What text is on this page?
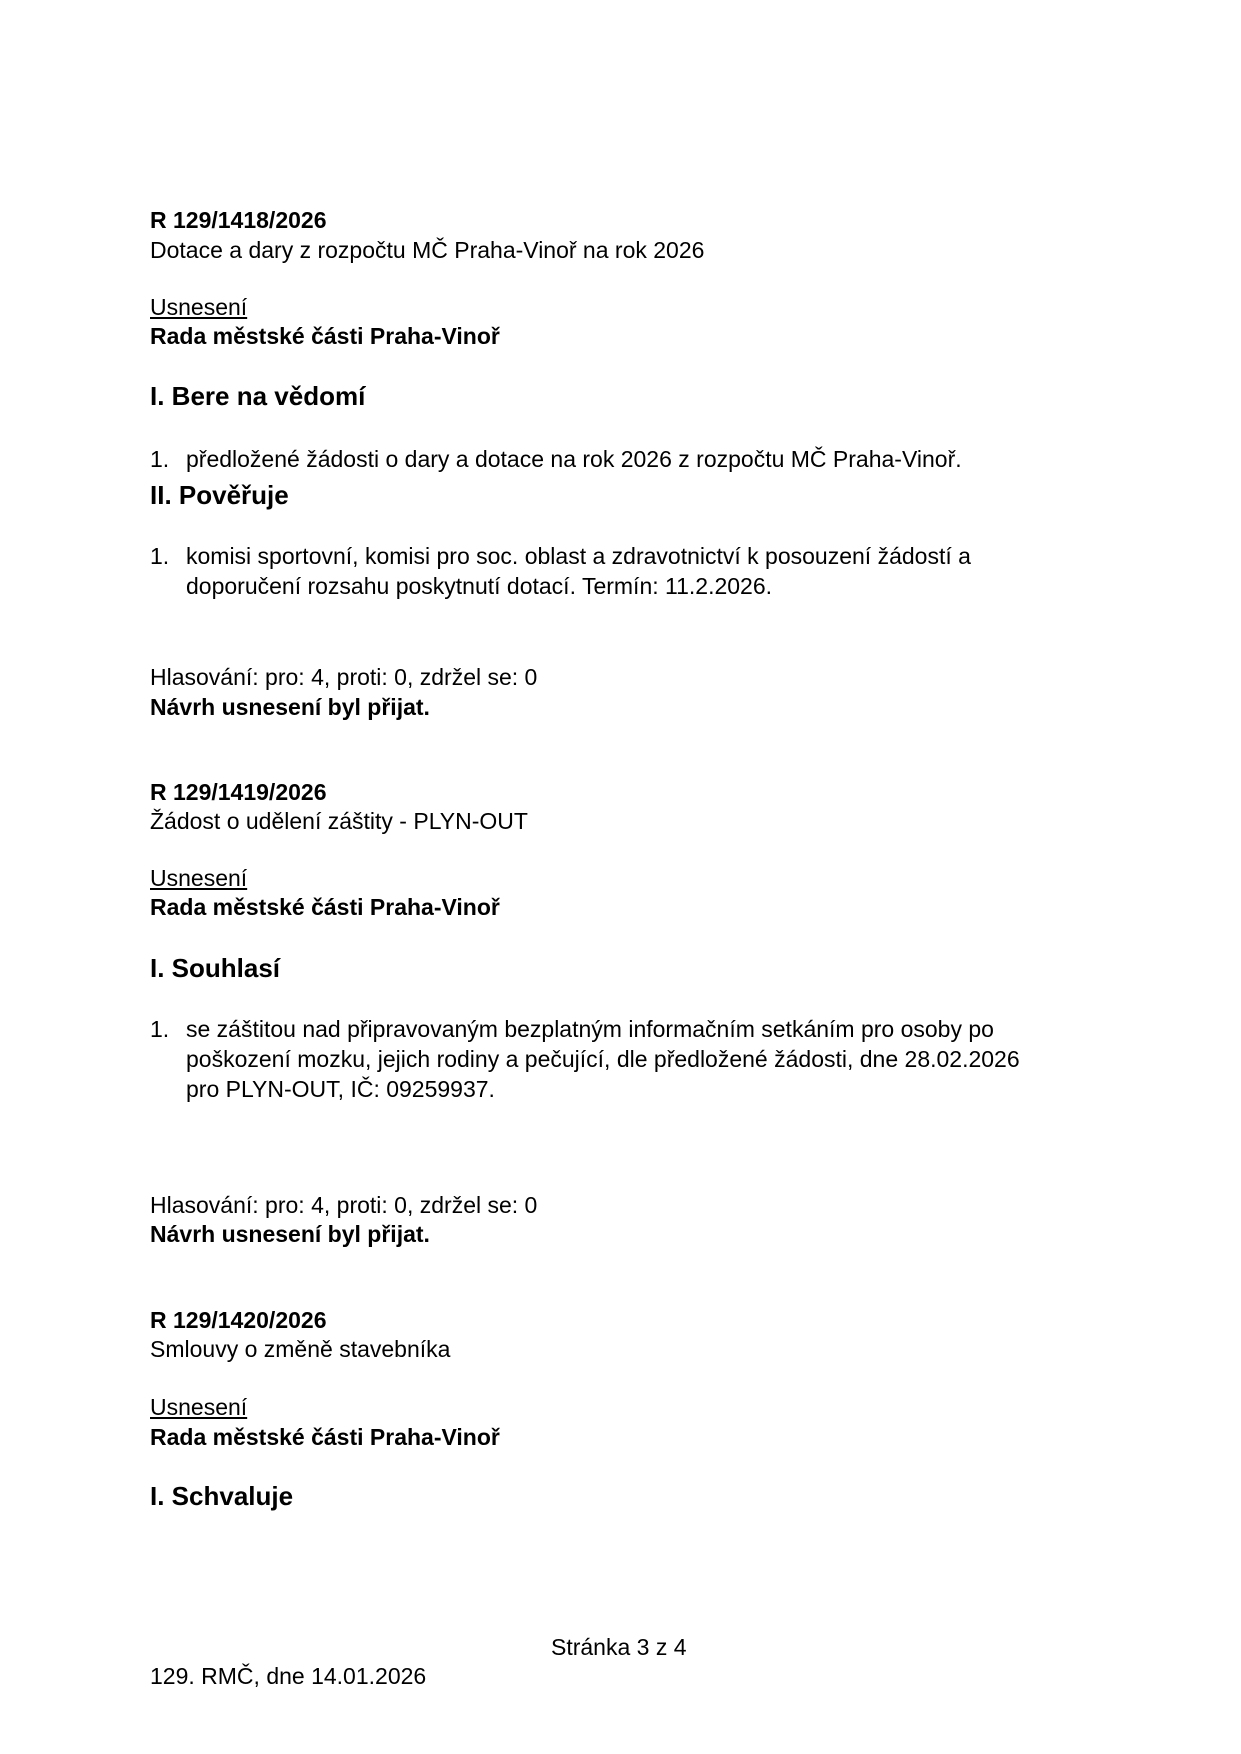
R 129/1418/2026
Dotace a dary z rozpočtu MČ Praha-Vinoř na rok 2026
Usnesení
Rada městské části Praha-Vinoř
I. Bere na vědomí
1. předložené žádosti o dary a dotace na rok 2026 z rozpočtu MČ Praha-Vinoř.
II. Pověřuje
1. komisi sportovní, komisi pro soc. oblast a zdravotnictví k posouzení žádostí a
doporučení rozsahu poskytnutí dotací. Termín: 11.2.2026.
Hlasování: pro: 4, proti: 0, zdržel se: 0
Návrh usnesení byl přijat.
R 129/1419/2026
Žádost o udělení záštity - PLYN-OUT
Usnesení
Rada městské části Praha-Vinoř
I. Souhlasí
1. se záštitou nad připravovaným bezplatným informačním setkáním pro osoby po
poškození mozku, jejich rodiny a pečující, dle předložené žádosti, dne 28.02.2026
pro PLYN-OUT, IČ: 09259937.
Hlasování: pro: 4, proti: 0, zdržel se: 0
Návrh usnesení byl přijat.
R 129/1420/2026
Smlouvy o změně stavebníka
Usnesení
Rada městské části Praha-Vinoř
I. Schvaluje
Stránka 3 z 4
129. RMČ, dne 14.01.2026
